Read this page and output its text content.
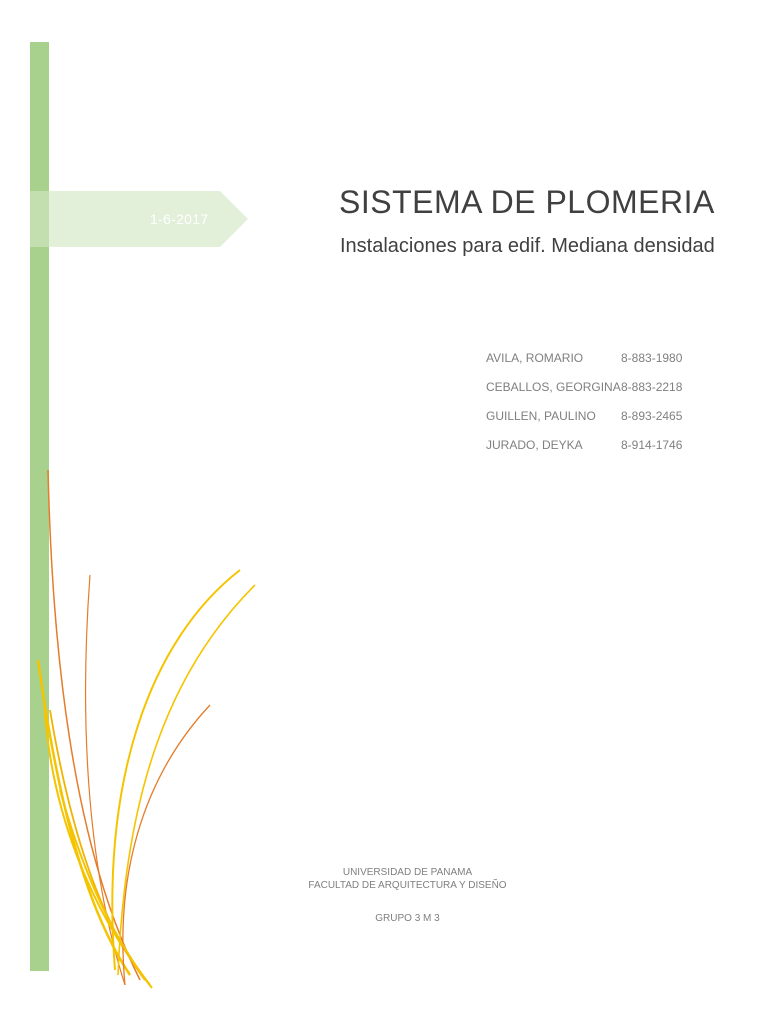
1-6-2017	SISTEMA DE PLOMERIA
Instalaciones para edif. Mediana densidad
AVILA, ROMARIO	8-883-1980
CEBALLOS, GEORGINA 8-883-2218
GUILLEN, PAULINO 8-893-2465
JURADO, DEYKA	8-914-1746
UNIVERSIDAD DE PANAMA
FACULTAD DE ARQUITECTURA Y DISEÑO
GRUPO 3 M 3
